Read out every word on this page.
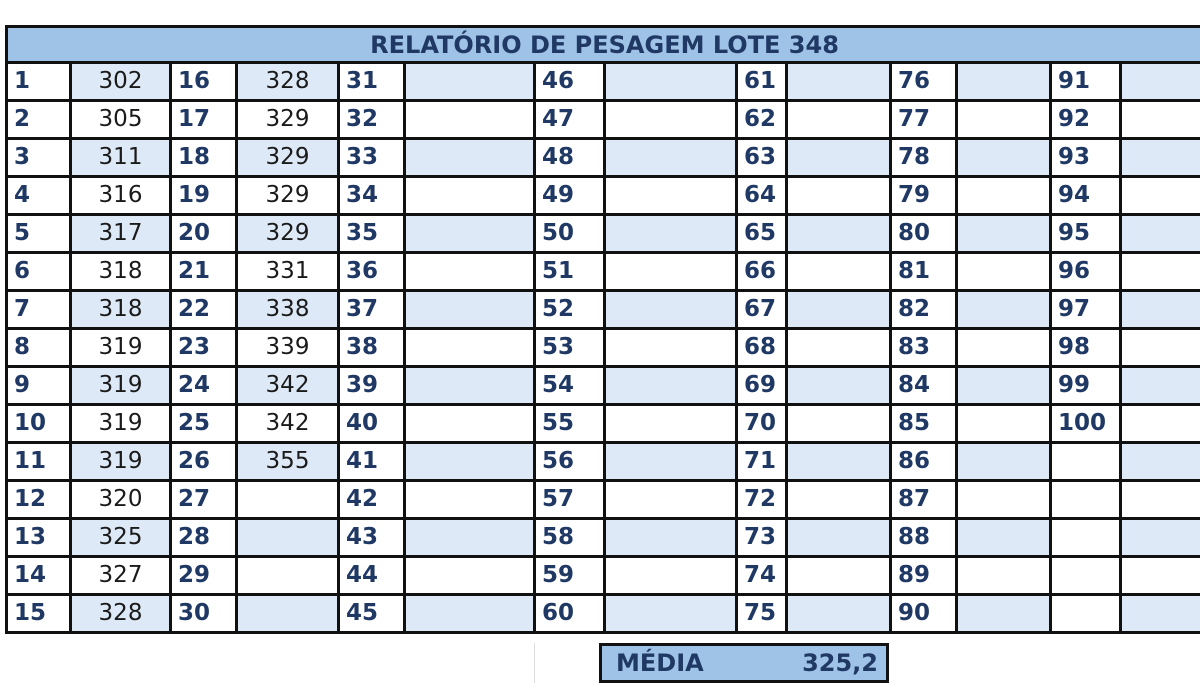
RELATÓRIO DE PESAGEM LOTE 348													
1	302	16	328	31		46		61		76		91	
2	305	17	329	32		47		62		77		92	
3	311	18	329	33		48		63		78		93	
4	316	19	329	34		49		64		79		94	
5	317	20	329	35		50		65		80		95	
6	318	21	331	36		51		66		81		96	
7	318	22	338	37		52		67		82		97	
8	319	23	339	38		53		68		83		98	
9	319	24	342	39		54		69		84		99	
10	319	25	342	40		55		70		85		100	
11	319	26	355	41		56		71		86			
12	320	27		42		57		72		87			
13	325	28		43		58		73		88			
14	327	29		44		59		74		89			
15	328	30		45		60		75		90			
MÉDIA	325,2
